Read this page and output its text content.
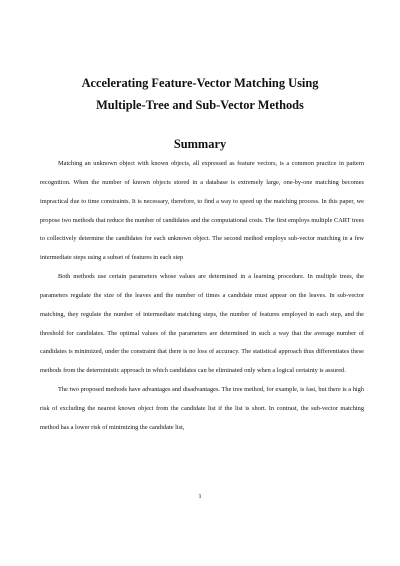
Accelerating Feature-Vector Matching Using
Multiple-Tree and Sub-Vector Methods
Summary

Matching an unknown object with known objects, all expressed as feature vectors, is a common practice in pattern recognition. When the number of known objects stored in a database is extremely large, one-by-one matching becomes impractical due to time constraints. It is necessary, therefore, to find a way to speed up the matching process. In this paper, we propose two methods that reduce the number of candidates and the computational costs. The first employs multiple CART trees to collectively determine the candidates for each unknown object. The second method employs sub-vector matching in a few intermediate steps using a subset of features in each step

Both methods use certain parameters whose values are determined in a learning procedure. In multiple trees, the parameters regulate the size of the leaves and the number of times a candidate must appear on the leaves. In sub-vector matching, they regulate the number of intermediate matching steps, the number of features employed in each step, and the threshold for candidates. The optimal values of the parameters are determined in such a way that the average number of candidates is minimized, under the constraint that there is no loss of accuracy. The statistical approach thus differentiates these methods from the deterministic approach in which candidates can be eliminated only when a logical certainty is assured.

The two proposed methods have advantages and disadvantages. The tree method, for example, is fast, but there is a high risk of excluding the nearest known object from the candidate list if the list is short. In contrast, the sub-vector matching method has a lower risk of minimizing the candidate list,

1
